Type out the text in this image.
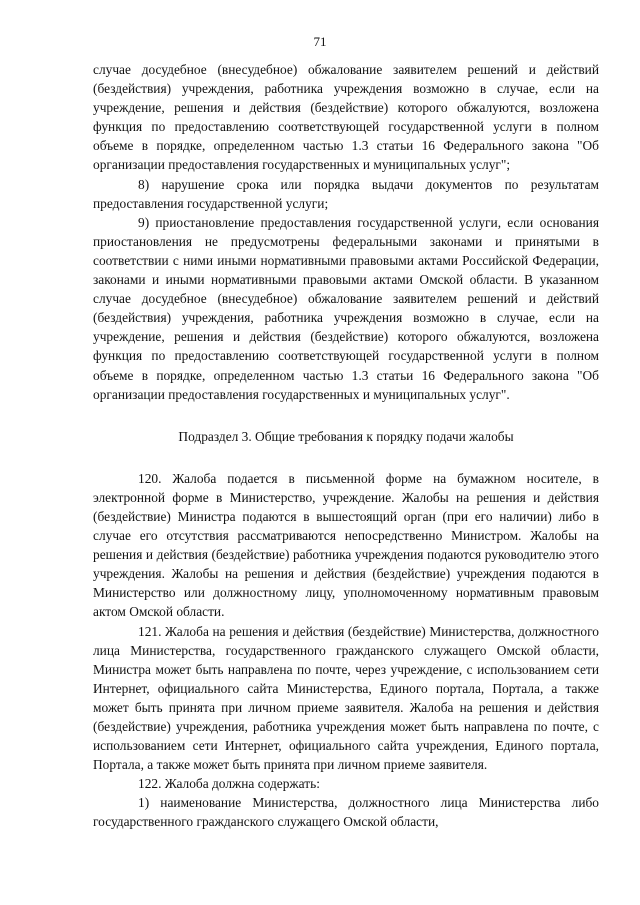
71

случае досудебное (внесудебное) обжалование заявителем решений и действий (бездействия) учреждения, работника учреждения возможно в случае, если на учреждение, решения и действия (бездействие) которого обжалуются, возложена функция по предоставлению соответствующей государственной услуги в полном объеме в порядке, определенном частью 1.3 статьи 16 Федерального закона "Об организации предоставления государственных и муниципальных услуг";

8) нарушение срока или порядка выдачи документов по результатам предоставления государственной услуги;

9) приостановление предоставления государственной услуги, если основания приостановления не предусмотрены федеральными законами и принятыми в соответствии с ними иными нормативными правовыми актами Российской Федерации, законами и иными нормативными правовыми актами Омской области. В указанном случае досудебное (внесудебное) обжалование заявителем решений и действий (бездействия) учреждения, работника учреждения возможно в случае, если на учреждение, решения и действия (бездействие) которого обжалуются, возложена функция по предоставлению соответствующей государственной услуги в полном объеме в порядке, определенном частью 1.3 статьи 16 Федерального закона "Об организации предоставления государственных и муниципальных услуг".

Подраздел 3. Общие требования к порядку подачи жалобы

120. Жалоба подается в письменной форме на бумажном носителе, в электронной форме в Министерство, учреждение. Жалобы на решения и действия (бездействие) Министра подаются в вышестоящий орган (при его наличии) либо в случае его отсутствия рассматриваются непосредственно Министром. Жалобы на решения и действия (бездействие) работника учреждения подаются руководителю этого учреждения. Жалобы на решения и действия (бездействие) учреждения подаются в Министерство или должностному лицу, уполномоченному нормативным правовым актом Омской области.

121. Жалоба на решения и действия (бездействие) Министерства, должностного лица Министерства, государственного гражданского служащего Омской области, Министра может быть направлена по почте, через учреждение, с использованием сети Интернет, официального сайта Министерства, Единого портала, Портала, а также может быть принята при личном приеме заявителя. Жалоба на решения и действия (бездействие) учреждения, работника учреждения может быть направлена по почте, с использованием сети Интернет, официального сайта учреждения, Единого портала, Портала, а также может быть принята при личном приеме заявителя.

122. Жалоба должна содержать:

1) наименование Министерства, должностного лица Министерства либо государственного гражданского служащего Омской области,
